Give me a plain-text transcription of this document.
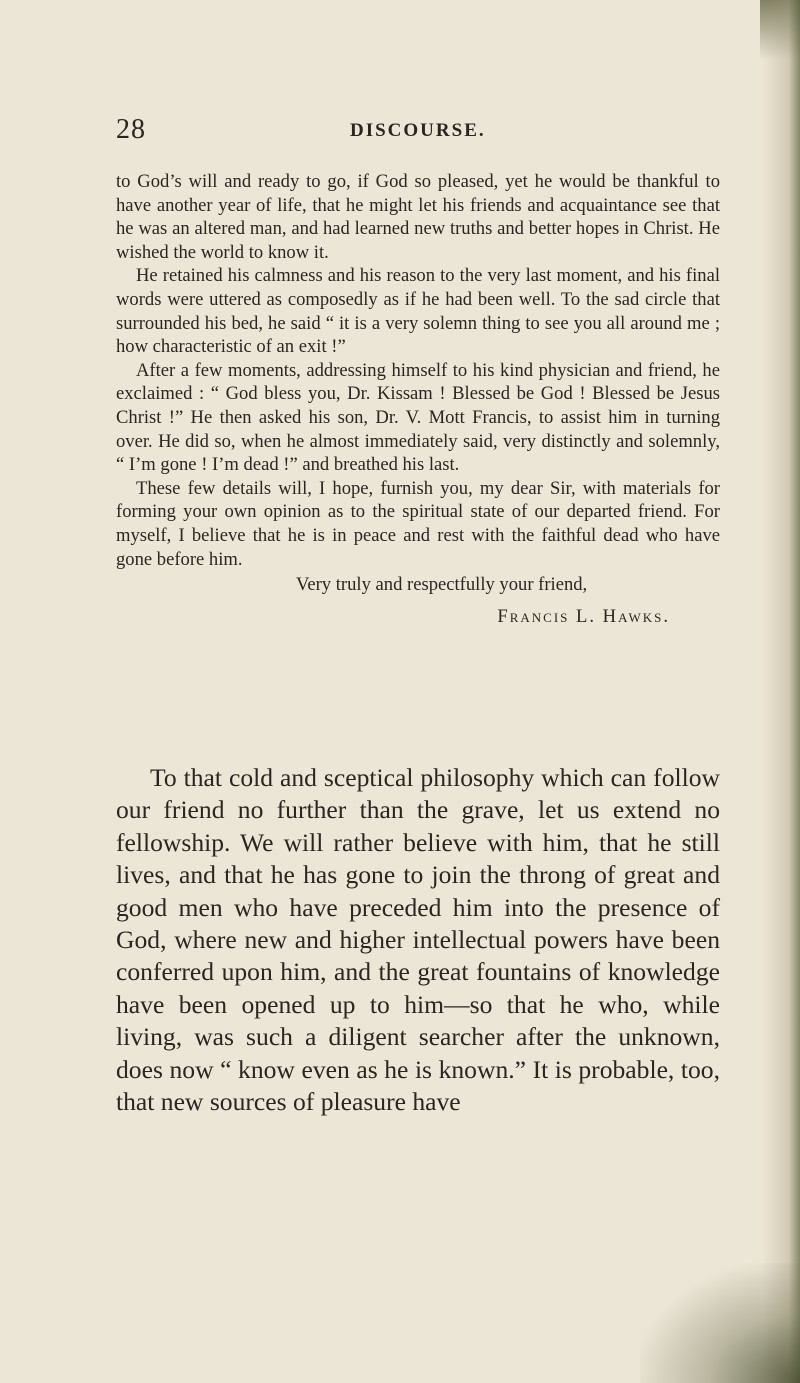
28	DISCOURSE.

to God’s will and ready to go, if God so pleased, yet he would be thankful to have another year of life, that he might let his friends and acquaintance see that he was an altered man, and had learned new truths and better hopes in Christ. He wished the world to know it.

He retained his calmness and his reason to the very last moment, and his final words were uttered as composedly as if he had been well. To the sad circle that surrounded his bed, he said “ it is a very solemn thing to see you all around me ; how characteristic of an exit !”

After a few moments, addressing himself to his kind physician and friend, he exclaimed : “ God bless you, Dr. Kissam ! Blessed be God ! Blessed be Jesus Christ !” He then asked his son, Dr. V. Mott Francis, to assist him in turning over. He did so, when he almost immediately said, very distinctly and solemnly, “ I’m gone ! I’m dead !” and breathed his last.

These few details will, I hope, furnish you, my dear Sir, with materials for forming your own opinion as to the spiritual state of our departed friend. For myself, I believe that he is in peace and rest with the faithful dead who have gone before him.

Very truly and respectfully your friend,
Francis L. Hawks.

To that cold and sceptical philosophy which can follow our friend no further than the grave, let us extend no fellowship. We will rather believe with him, that he still lives, and that he has gone to join the throng of great and good men who have preceded him into the presence of God, where new and higher intellectual powers have been conferred upon him, and the great fountains of knowledge have been opened up to him—so that he who, while living, was such a diligent searcher after the unknown, does now “ know even as he is known.” It is probable, too, that new sources of pleasure have
